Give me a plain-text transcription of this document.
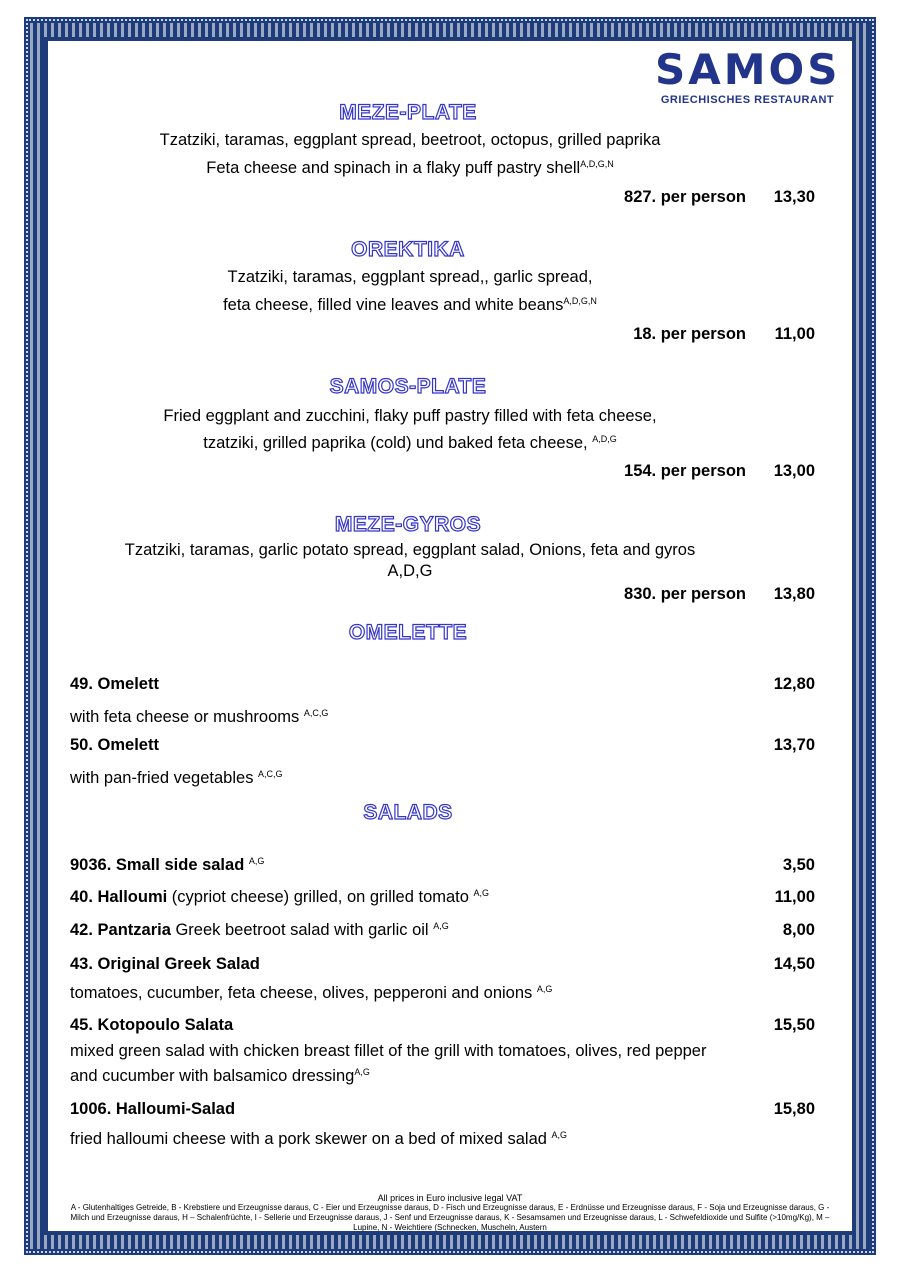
SAMOS
GRIECHISCHES RESTAURANT
MEZE-PLATE
Tzatziki, taramas, eggplant spread, beetroot, octopus, grilled paprika
Feta cheese and spinach in a flaky puff pastry shell$^{A,D,G,N}$
827. per person 13,30
OREKTIKA
Tzatziki, taramas, eggplant spread,, garlic spread,
feta cheese, filled vine leaves and white beans$^{A,D,G,N}$
18. per person 11,00
SAMOS-PLATE
Fried eggplant and zucchini, flaky puff pastry filled with feta cheese,
tzatziki, grilled paprika (cold) und baked feta cheese, $^{A,D,G}$
154. per person 13,00
MEZE-GYROS
Tzatziki, taramas, garlic potato spread, eggplant salad, Onions, feta and gyros
A,D,G
830. per person 13,80
OMELETTE
49. Omelett	12,80
with feta cheese or mushrooms $^{A,C,G}$
50. Omelett	13,70
with pan-fried vegetables $^{A,C,G}$
SALADS
9036. Small side salad $^{A,G}$	3,50
40. Halloumi (cypriot cheese) grilled, on grilled tomato $^{A,G}$	11,00
42. Pantzaria Greek beetroot salad with garlic oil $^{A,G}$	8,00
43. Original Greek Salad	14,50
tomatoes, cucumber, feta cheese, olives, pepperoni and onions $^{A,G}$
45. Kotopoulo Salata	15,50
mixed green salad with chicken breast fillet of the grill with tomatoes, olives, red pepper and cucumber with balsamico dressing$^{A,G}$
1006. Halloumi-Salad	15,80
fried halloumi cheese with a pork skewer on a bed of mixed salad $^{A,G}$
All prices in Euro inclusive legal VAT
A - Glutenhaltiges Getreide, B - Krebstiere und Erzeugnisse daraus, C - Eier und Erzeugnisse daraus, D - Fisch und Erzeugnisse daraus, E - Erdnüsse und Erzeugnisse daraus, F - Soja und Erzeugnisse daraus, G - Milch und Erzeugnisse daraus, H – Schalenfrüchte, I - Sellerie und Erzeugnisse daraus, J - Senf und Erzeugnisse daraus, K - Sesamsamen und Erzeugnisse daraus, L - Schwefeldioxide und Sulfite (>10mg/Kg), M – Lupine, N - Weichtiere (Schnecken, Muscheln, Austern
